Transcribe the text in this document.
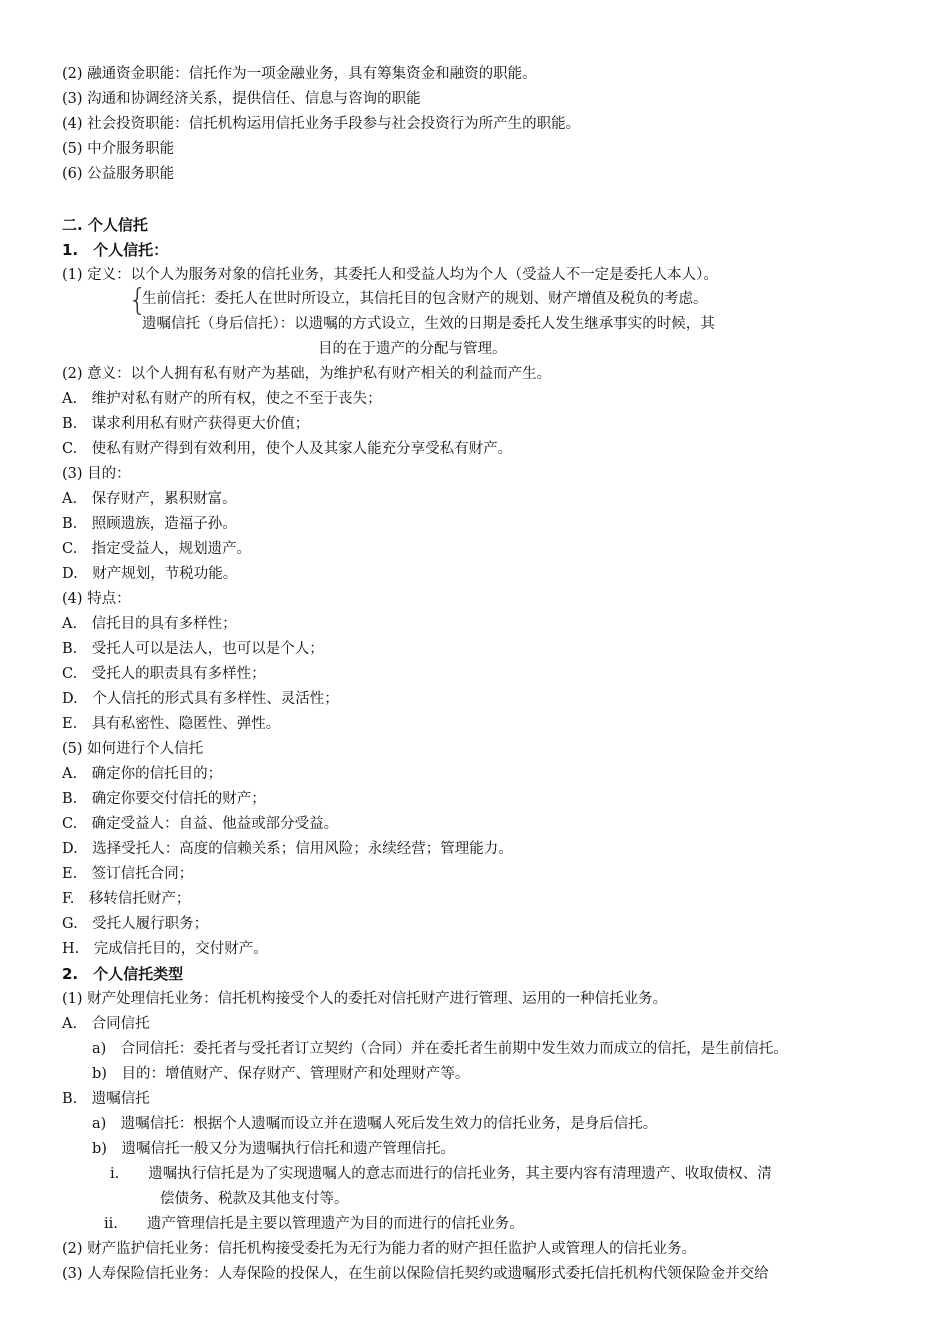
(2) 融通资金职能：信托作为一项金融业务，具有筹集资金和融资的职能。
(3) 沟通和协调经济关系，提供信任、信息与咨询的职能
(4) 社会投资职能：信托机构运用信托业务手段参与社会投资行为所产生的职能。
(5) 中介服务职能
(6) 公益服务职能
二. 个人信托
1.　个人信托：
(1) 定义：以个人为服务对象的信托业务，其委托人和受益人均为个人（受益人不一定是委托人本人）。
{
生前信托：委托人在世时所设立，其信托目的包含财产的规划、财产增值及税负的考虑。
遗嘱信托（身后信托）：以遗嘱的方式设立，生效的日期是委托人发生继承事实的时候，其
目的在于遗产的分配与管理。
(2) 意义：以个人拥有私有财产为基础，为维护私有财产相关的利益而产生。
A.　维护对私有财产的所有权，使之不至于丧失；
B.　谋求利用私有财产获得更大价值；
C.　使私有财产得到有效利用，使个人及其家人能充分享受私有财产。
(3) 目的：
A.　保存财产，累积财富。
B.　照顾遗族，造福子孙。
C.　指定受益人，规划遗产。
D.　财产规划，节税功能。
(4) 特点：
A.　信托目的具有多样性；
B.　受托人可以是法人，也可以是个人；
C.　受托人的职责具有多样性；
D.　个人信托的形式具有多样性、灵活性；
E.　具有私密性、隐匿性、弹性。
(5) 如何进行个人信托
A.　确定你的信托目的；
B.　确定你要交付信托的财产；
C.　确定受益人：自益、他益或部分受益。
D.　选择受托人：高度的信赖关系；信用风险；永续经营；管理能力。
E.　签订信托合同；
F.　移转信托财产；
G.　受托人履行职务；
H.　完成信托目的，交付财产。
2.　个人信托类型
(1) 财产处理信托业务：信托机构接受个人的委托对信托财产进行管理、运用的一种信托业务。
A.　合同信托
a)　合同信托：委托者与受托者订立契约（合同）并在委托者生前期中发生效力而成立的信托，是生前信托。
b)　目的：增值财产、保存财产、管理财产和处理财产等。
B.　遗嘱信托
a)　遗嘱信托：根据个人遗嘱而设立并在遗嘱人死后发生效力的信托业务，是身后信托。
b)　遗嘱信托一般又分为遗嘱执行信托和遗产管理信托。
i.　　遗嘱执行信托是为了实现遗嘱人的意志而进行的信托业务，其主要内容有清理遗产、收取债权、清
偿债务、税款及其他支付等。
ii.　　遗产管理信托是主要以管理遗产为目的而进行的信托业务。
(2) 财产监护信托业务：信托机构接受委托为无行为能力者的财产担任监护人或管理人的信托业务。
(3) 人寿保险信托业务：人寿保险的投保人，在生前以保险信托契约或遗嘱形式委托信托机构代领保险金并交给
